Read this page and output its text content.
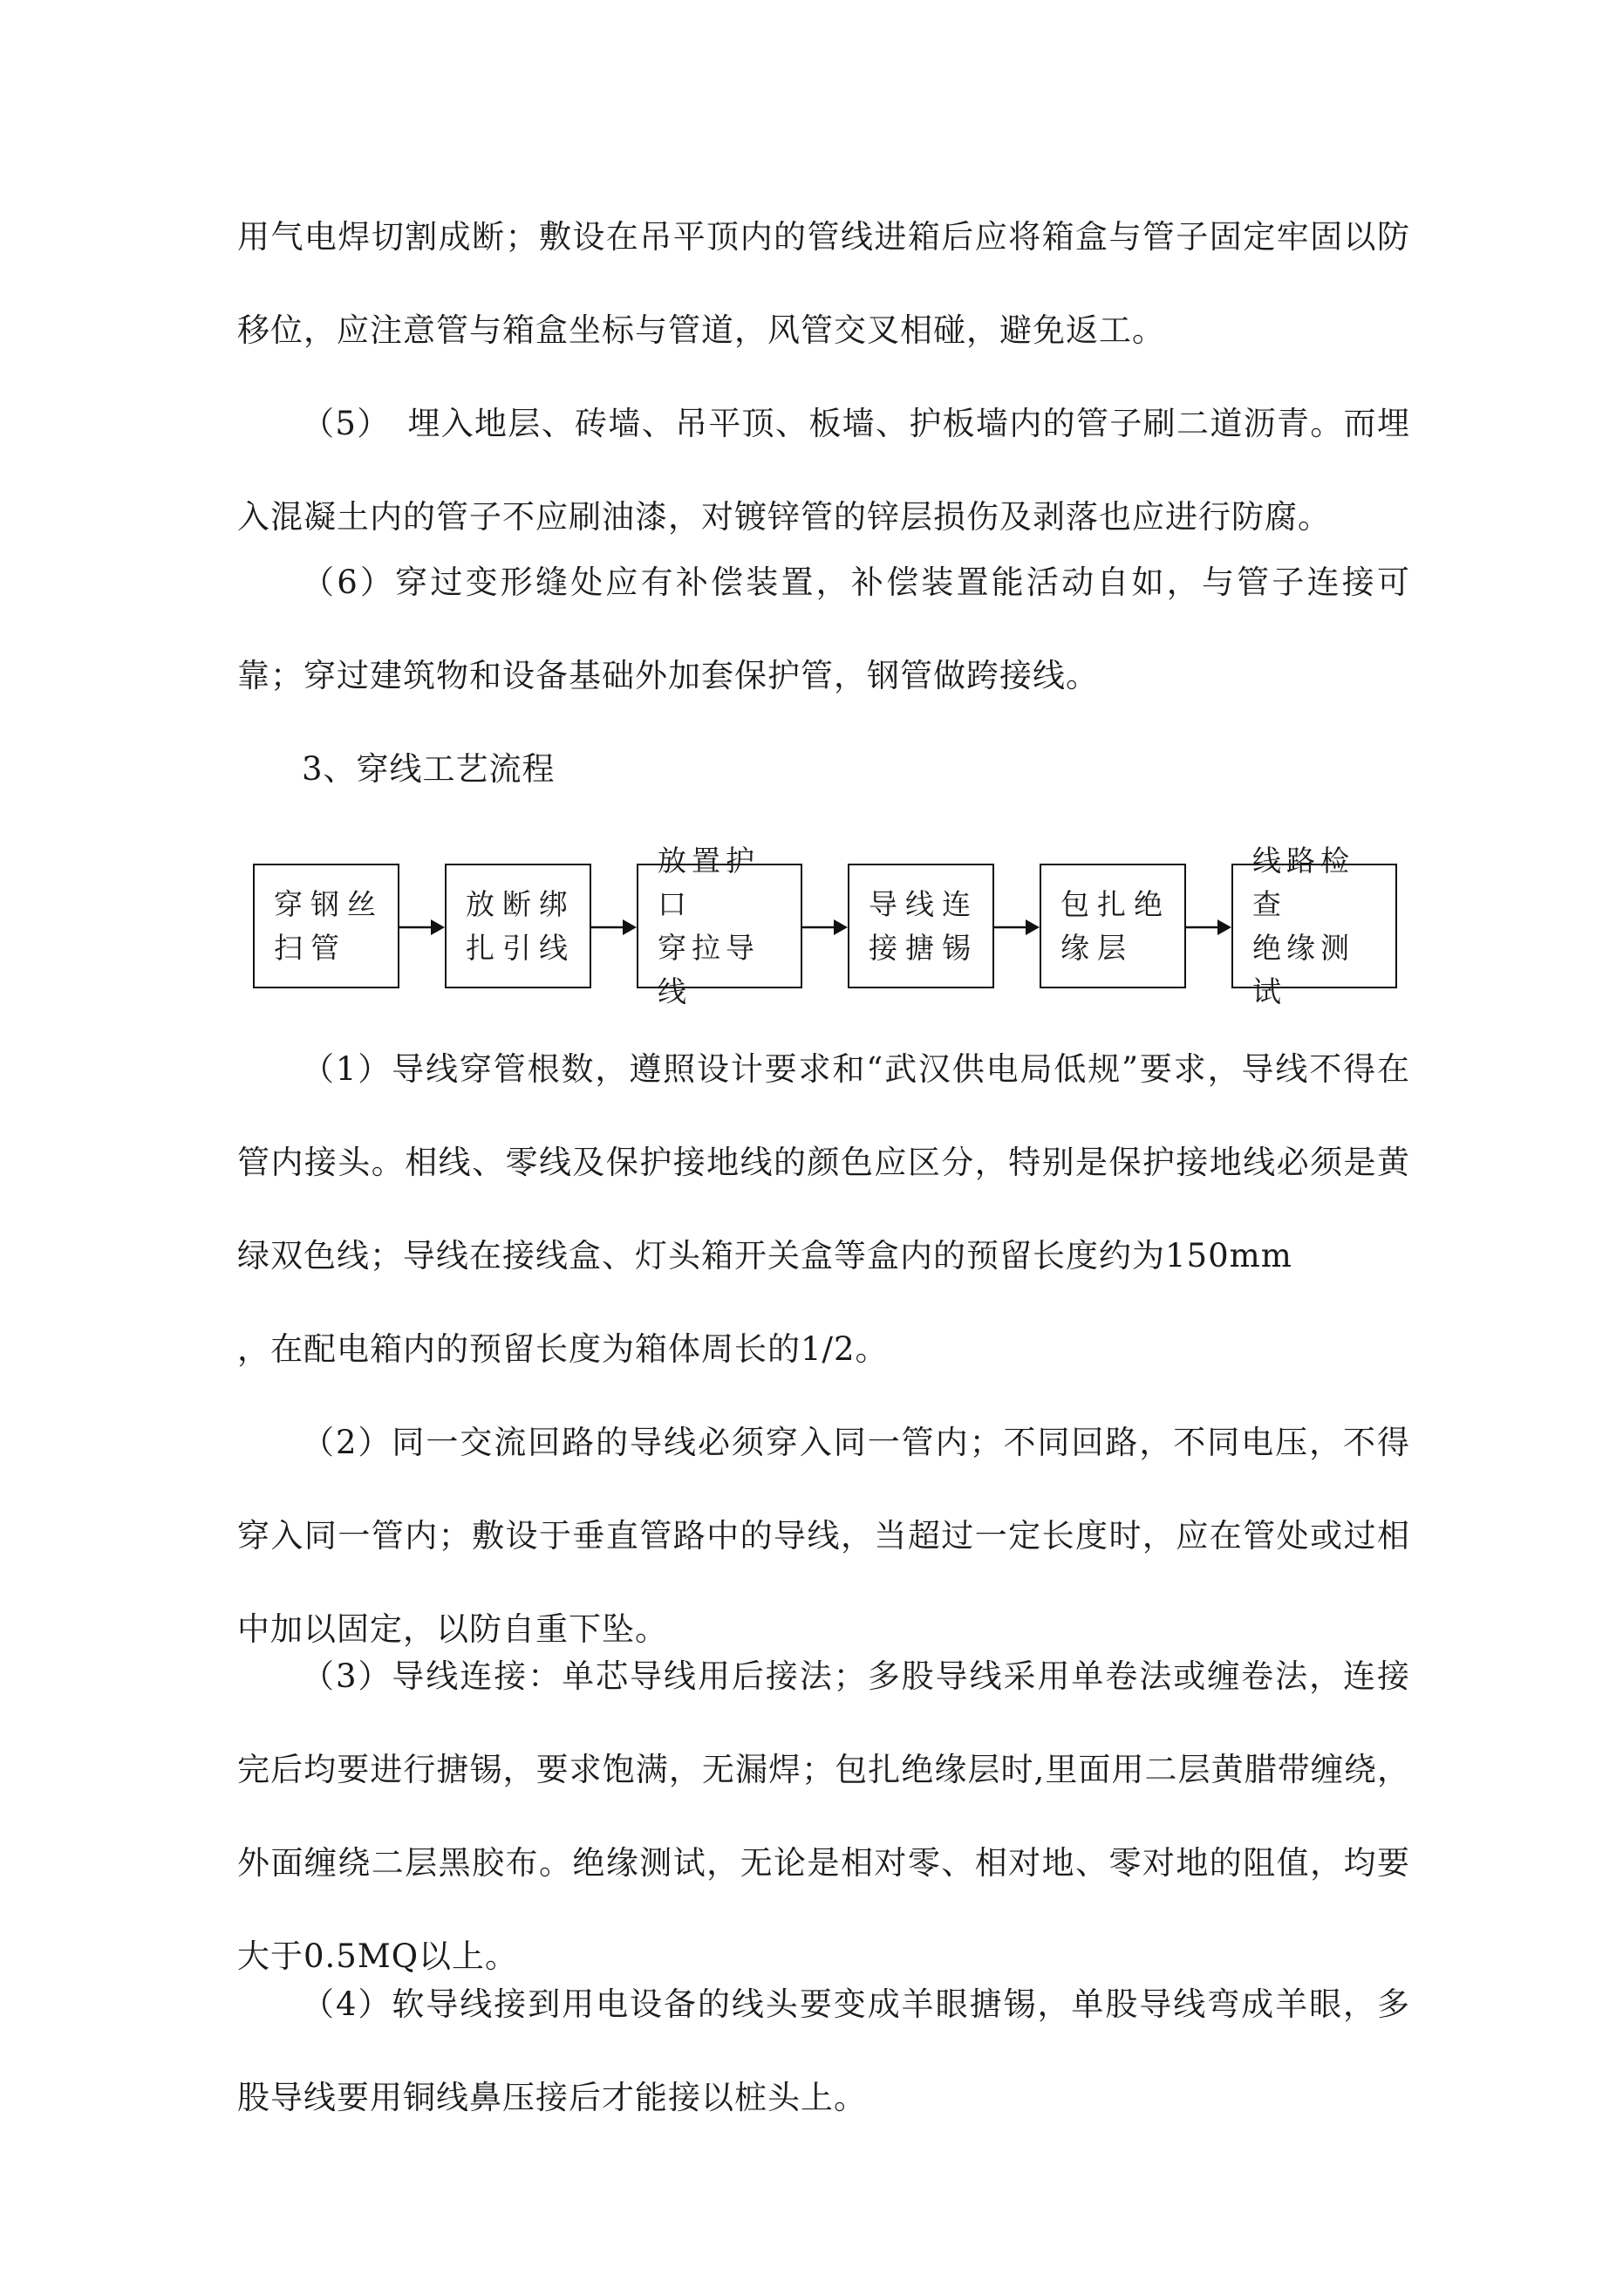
用气电焊切割成断；敷设在吊平顶内的管线进箱后应将箱盒与管子固定牢固以防移位，应注意管与箱盒坐标与管道，风管交叉相碰，避免返工。

（5）　埋入地层、砖墙、吊平顶、板墙、护板墙内的管子刷二道沥青。而埋入混凝土内的管子不应刷油漆，对镀锌管的锌层损伤及剥落也应进行防腐。

（6）穿过变形缝处应有补偿装置，补偿装置能活动自如，与管子连接可靠；穿过建筑物和设备基础外加套保护管，钢管做跨接线。

3、穿线工艺流程

穿钢丝
扫管
放断绑
扎引线
放置护口
穿拉导线
导线连
接搪锡
包扎绝
缘层
线路检查
绝缘测试

（1）导线穿管根数，遵照设计要求和“武汉供电局低规”要求，导线不得在管内接头。相线、零线及保护接地线的颜色应区分，特别是保护接地线必须是黄绿双色线；导线在接线盒、灯头箱开关盒等盒内的预留长度约为150mm

，在配电箱内的预留长度为箱体周长的1/2。

（2）同一交流回路的导线必须穿入同一管内；不同回路，不同电压，不得穿入同一管内；敷设于垂直管路中的导线，当超过一定长度时，应在管处或过相中加以固定，以防自重下坠。

（3）导线连接：单芯导线用后接法；多股导线采用单卷法或缠卷法，连接完后均要进行搪锡，要求饱满，无漏焊；包扎绝缘层时,里面用二层黄腊带缠绕，外面缠绕二层黑胶布。绝缘测试，无论是相对零、相对地、零对地的阻值，均要大于0.5MQ以上。

（4）软导线接到用电设备的线头要变成羊眼搪锡，单股导线弯成羊眼，多股导线要用铜线鼻压接后才能接以桩头上。
